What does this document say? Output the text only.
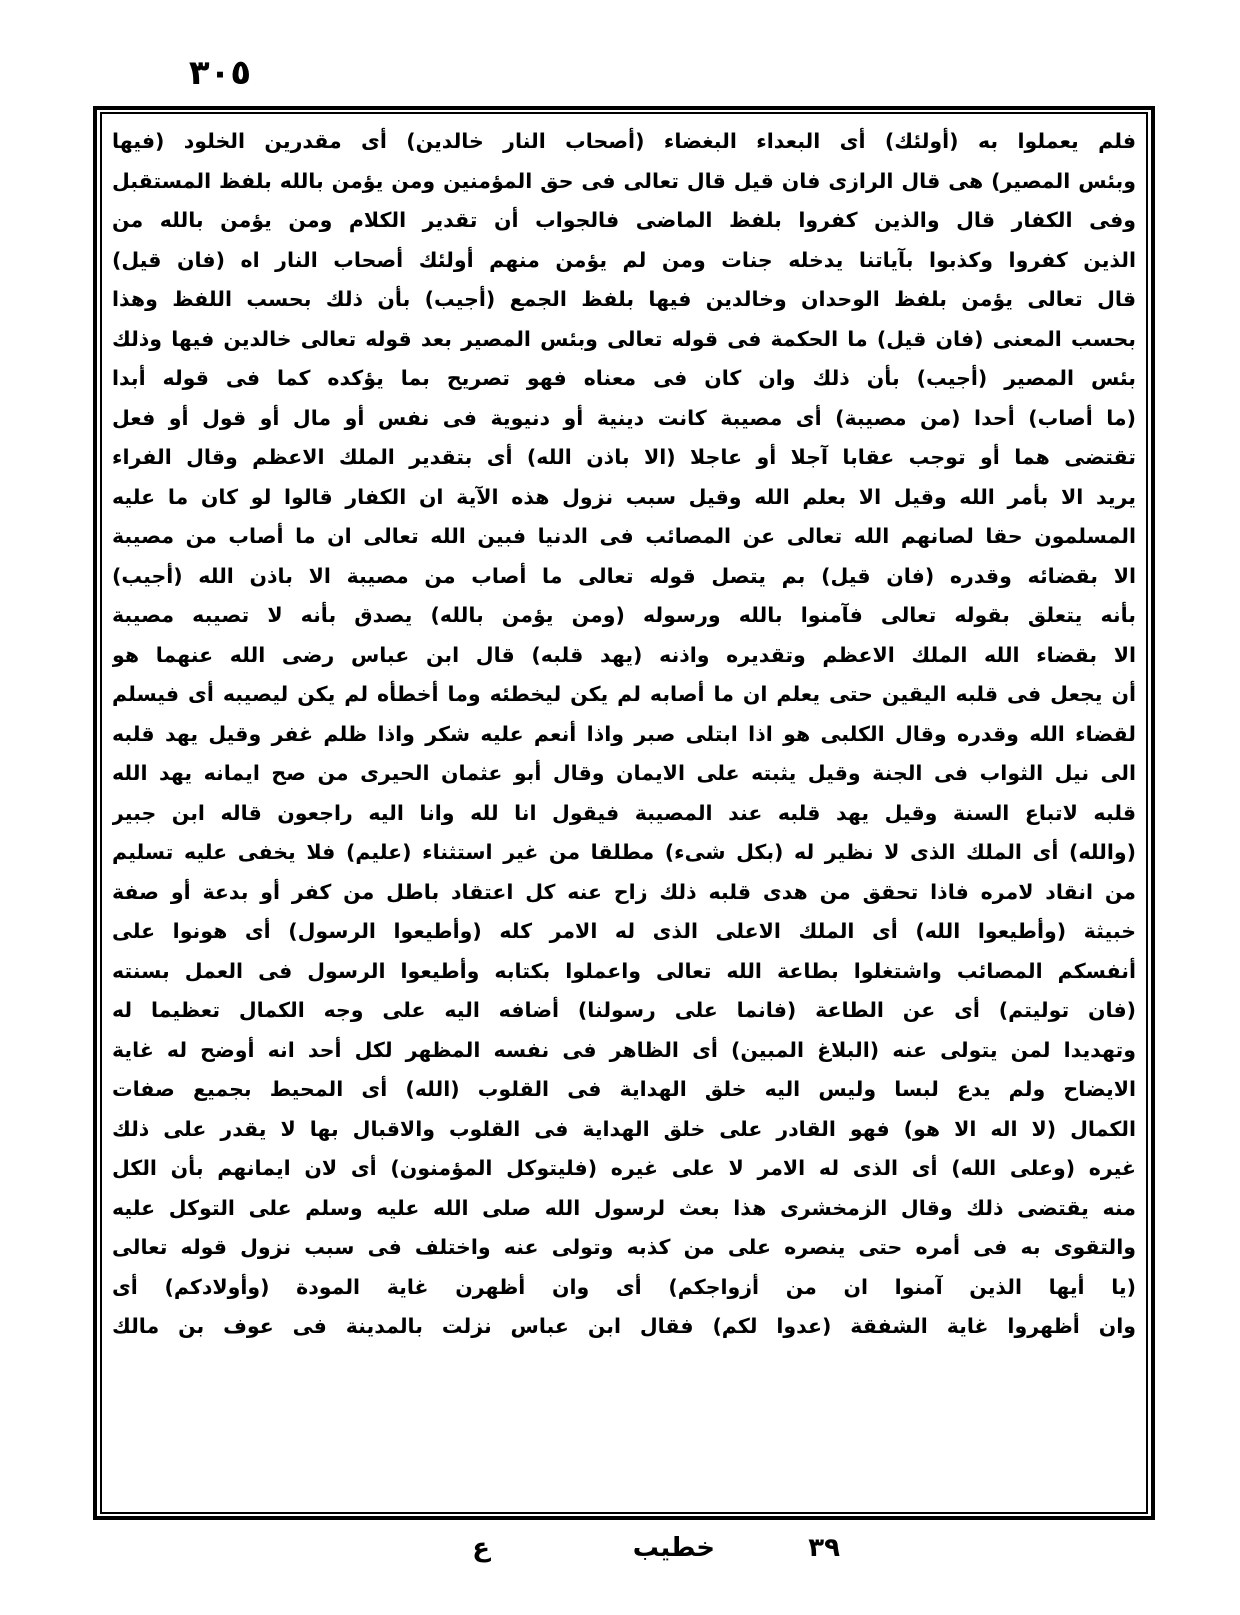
٣٠٥
فلم يعملوا به (أولئك) أى البعداء البغضاء (أصحاب النار خالدين) أى مقدرين الخلود (فيها
وبئس المصير) هى قال الرازى فان قيل قال تعالى فى حق المؤمنين ومن يؤمن بالله بلفظ المستقبل
وفى الكفار قال والذين كفروا بلفظ الماضى فالجواب أن تقدير الكلام ومن يؤمن بالله من
الذين كفروا وكذبوا بآياتنا يدخله جنات ومن لم يؤمن منهم أولئك أصحاب النار اه (فان قيل)
قال تعالى يؤمن بلفظ الوحدان وخالدين فيها بلفظ الجمع (أجيب) بأن ذلك بحسب اللفظ وهذا
بحسب المعنى (فان قيل) ما الحكمة فى قوله تعالى وبئس المصير بعد قوله تعالى خالدين فيها وذلك
بئس المصير (أجيب) بأن ذلك وان كان فى معناه فهو تصريح بما يؤكده كما فى قوله أبدا
(ما أصاب) أحدا (من مصيبة) أى مصيبة كانت دينية أو دنيوية فى نفس أو مال أو قول أو فعل
تقتضى هما أو توجب عقابا آجلا أو عاجلا (الا باذن الله) أى بتقدير الملك الاعظم وقال الفراء
يريد الا بأمر الله وقيل الا بعلم الله وقيل سبب نزول هذه الآية ان الكفار قالوا لو كان ما عليه
المسلمون حقا لصانهم الله تعالى عن المصائب فى الدنيا فبين الله تعالى ان ما أصاب من مصيبة
الا بقضائه وقدره (فان قيل) بم يتصل قوله تعالى ما أصاب من مصيبة الا باذن الله (أجيب)
بأنه يتعلق بقوله تعالى فآمنوا بالله ورسوله (ومن يؤمن بالله) يصدق بأنه لا تصيبه مصيبة
الا بقضاء الله الملك الاعظم وتقديره واذنه (يهد قلبه) قال ابن عباس رضى الله عنهما هو
أن يجعل فى قلبه اليقين حتى يعلم ان ما أصابه لم يكن ليخطئه وما أخطأه لم يكن ليصيبه أى فيسلم
لقضاء الله وقدره وقال الكلبى هو اذا ابتلى صبر واذا أنعم عليه شكر واذا ظلم غفر وقيل يهد قلبه
الى نيل الثواب فى الجنة وقيل يثبته على الايمان وقال أبو عثمان الحيرى من صح ايمانه يهد الله
قلبه لاتباع السنة وقيل يهد قلبه عند المصيبة فيقول انا لله وانا اليه راجعون قاله ابن جبير
(والله) أى الملك الذى لا نظير له (بكل شىء) مطلقا من غير استثناء (عليم) فلا يخفى عليه تسليم
من انقاد لامره فاذا تحقق من هدى قلبه ذلك زاح عنه كل اعتقاد باطل من كفر أو بدعة أو صفة
خبيثة (وأطيعوا الله) أى الملك الاعلى الذى له الامر كله (وأطيعوا الرسول) أى هونوا على
أنفسكم المصائب واشتغلوا بطاعة الله تعالى واعملوا بكتابه وأطيعوا الرسول فى العمل بسنته
(فان توليتم) أى عن الطاعة (فانما على رسولنا) أضافه اليه على وجه الكمال تعظيما له
وتهديدا لمن يتولى عنه (البلاغ المبين) أى الظاهر فى نفسه المظهر لكل أحد انه أوضح له غاية
الايضاح ولم يدع لبسا وليس اليه خلق الهداية فى القلوب (الله) أى المحيط بجميع صفات
الكمال (لا اله الا هو) فهو القادر على خلق الهداية فى القلوب والاقبال بها لا يقدر على ذلك
غيره (وعلى الله) أى الذى له الامر لا على غيره (فليتوكل المؤمنون) أى لان ايمانهم بأن الكل
منه يقتضى ذلك وقال الزمخشرى هذا بعث لرسول الله صلى الله عليه وسلم على التوكل عليه
والتقوى به فى أمره حتى ينصره على من كذبه وتولى عنه واختلف فى سبب نزول قوله تعالى
(يا أيها الذين آمنوا ان من أزواجكم) أى وان أظهرن غاية المودة (وأولادكم) أى
وان أظهروا غاية الشفقة (عدوا لكم) فقال ابن عباس نزلت بالمدينة فى عوف بن مالك
٣٩
خطيب
ع
